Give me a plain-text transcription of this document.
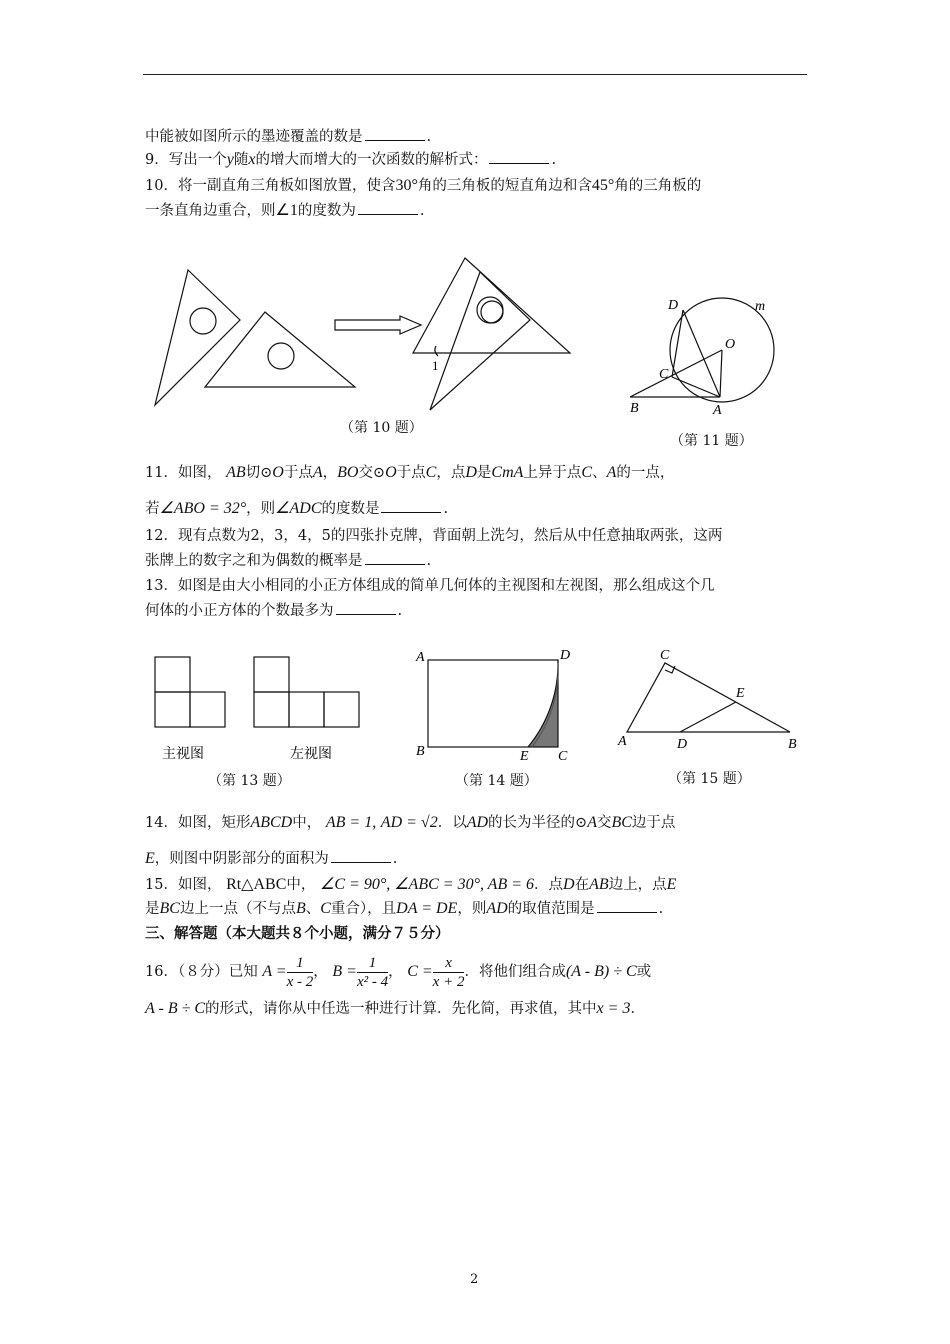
中能被如图所示的墨迹覆盖的数是	.
9．写出一个y随x的增大而增大的一次函数的解析式：	.
10．将一副直角三角板如图放置，使含30°角的三角板的短直角边和含45°角的三角板的
一条直角边重合，则∠1的度数为	.
1
（第 10 题）
D	m
O
C
B	A
（第 11 题）
11．如图， AB切⊙O于点A，BO交⊙O于点C，点D是CmA上异于点C、A的一点，
若∠ABO = 32°，则∠ADC的度数是	.
12．现有点数为2，3，4，5的四张扑克牌，背面朝上洗匀，然后从中任意抽取两张，这两
张牌上的数字之和为偶数的概率是	.
13．如图是由大小相同的小正方体组成的简单几何体的主视图和左视图，那么组成这个几
何体的小正方体的个数最多为	.
主视图	左视图
（第 13 题）
A	D
B	E C
（第 14 题）
C
E
A	D	B
（第 15 题）
14．如图，矩形ABCD中， AB = 1, AD = √2．以AD的长为半径的⊙A交BC边于点
E，则图中阴影部分的面积为	.
15．如图， Rt△ABC中， ∠C = 90°, ∠ABC = 30°, AB = 6．点D在AB边上，点E
是BC边上一点（不与点B、C重合），且DA = DE，则AD的取值范围是	.
三、解答题（本大题共８个小题，满分７５分）
16．（８分）已知 $A = \frac{1}{x - 2}$ ， $B = \frac{1}{\text{x² - 4}}$ ， $C = \frac{x}{x + 2}$ ．将他们组合成(A - B) ÷ C或
A - B ÷ C的形式，请你从中任选一种进行计算．先化简，再求值，其中x = 3．
2
